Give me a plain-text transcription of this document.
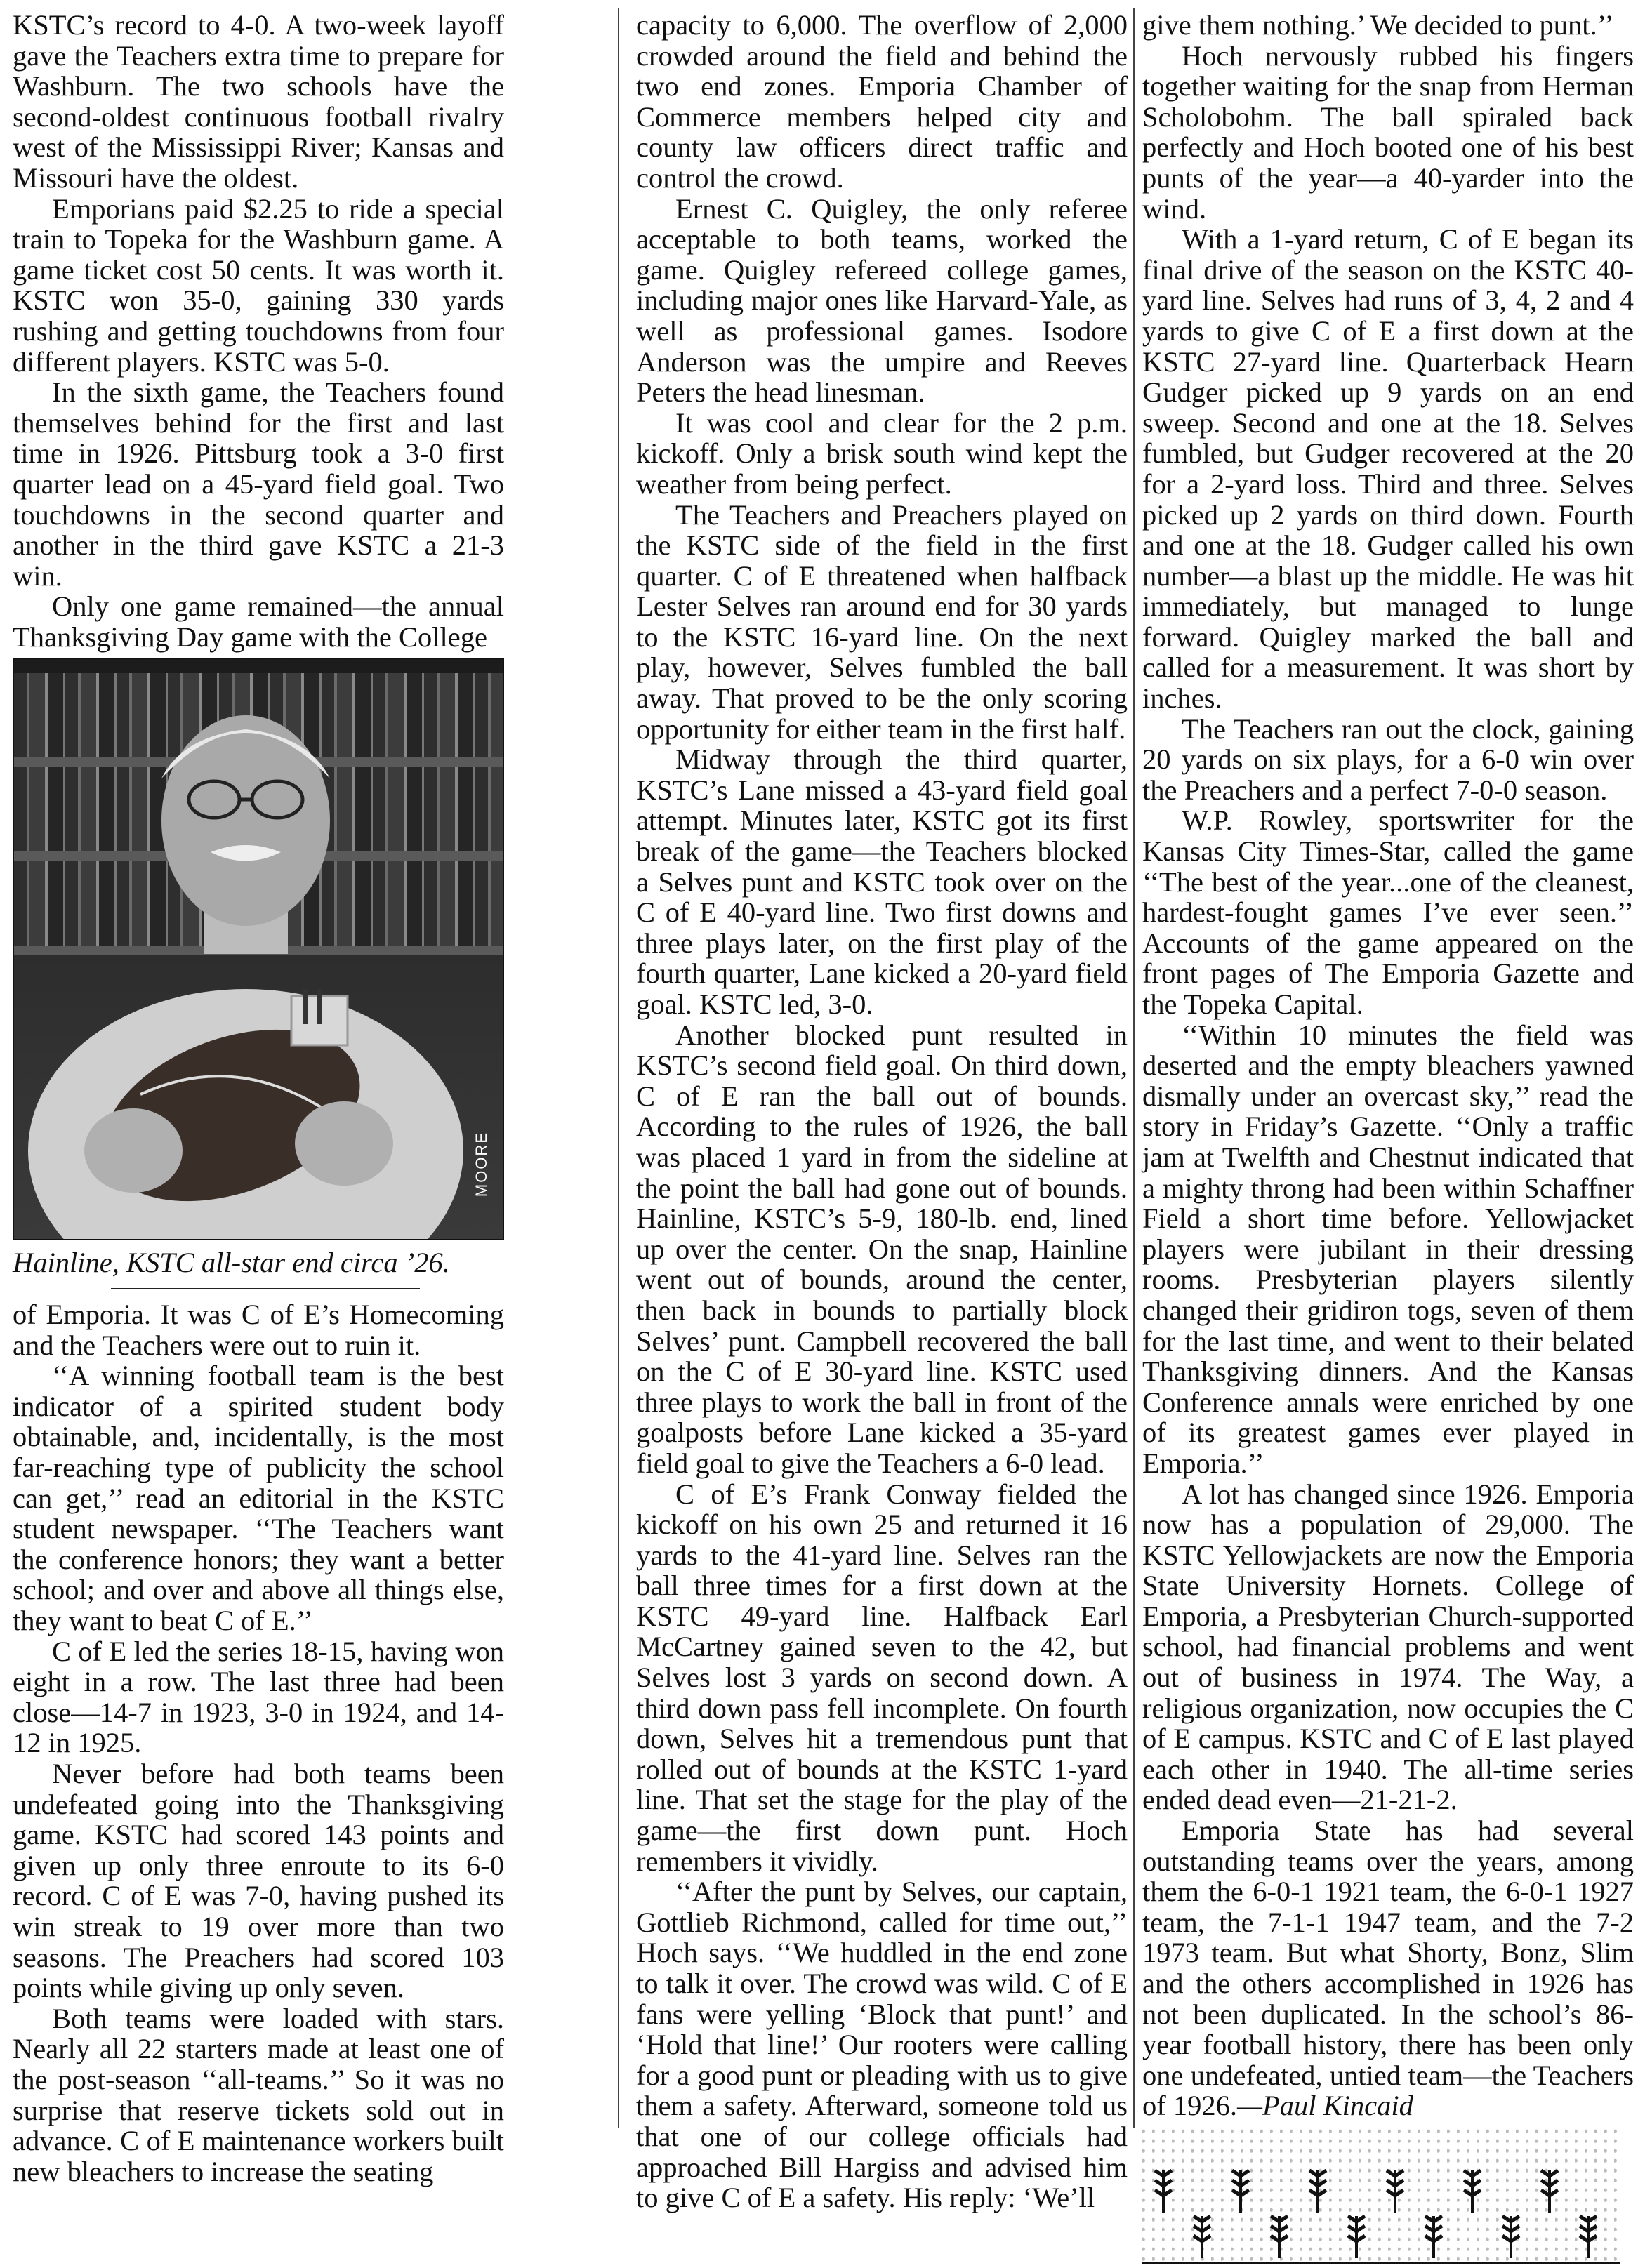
KSTC’s record to 4-0. A two-week layoff gave the Teachers extra time to prepare for Washburn. The two schools have the second-oldest continuous football rivalry west of the Mississippi River; Kansas and Missouri have the oldest.

Emporians paid $2.25 to ride a special train to Topeka for the Washburn game. A game ticket cost 50 cents. It was worth it. KSTC won 35-0, gaining 330 yards rushing and getting touchdowns from four different players. KSTC was 5-0.

In the sixth game, the Teachers found themselves behind for the first and last time in 1926. Pittsburg took a 3-0 first quarter lead on a 45-yard field goal. Two touchdowns in the second quarter and another in the third gave KSTC a 21-3 win.

Only one game remained—the annual Thanksgiving Day game with the College

MOORE

Hainline, KSTC all-star end circa ’26.

of Emporia. It was C of E’s Homecoming and the Teachers were out to ruin it.

‘‘A winning football team is the best indicator of a spirited student body obtainable, and, incidentally, is the most far-reaching type of publicity the school can get,’’ read an editorial in the KSTC student newspaper. ‘‘The Teachers want the conference honors; they want a better school; and over and above all things else, they want to beat C of E.’’

C of E led the series 18-15, having won eight in a row. The last three had been close—14-7 in 1923, 3-0 in 1924, and 14-12 in 1925.

Never before had both teams been undefeated going into the Thanksgiving game. KSTC had scored 143 points and given up only three enroute to its 6-0 record. C of E was 7-0, having pushed its win streak to 19 over more than two seasons. The Preachers had scored 103 points while giving up only seven.

Both teams were loaded with stars. Nearly all 22 starters made at least one of the post-season ‘‘all-teams.’’ So it was no surprise that reserve tickets sold out in advance. C of E maintenance workers built new bleachers to increase the seating

capacity to 6,000. The overflow of 2,000 crowded around the field and behind the two end zones. Emporia Chamber of Commerce members helped city and county law officers direct traffic and control the crowd.

Ernest C. Quigley, the only referee acceptable to both teams, worked the game. Quigley refereed college games, including major ones like Harvard-Yale, as well as professional games. Isodore Anderson was the umpire and Reeves Peters the head linesman.

It was cool and clear for the 2 p.m. kickoff. Only a brisk south wind kept the weather from being perfect.

The Teachers and Preachers played on the KSTC side of the field in the first quarter. C of E threatened when halfback Lester Selves ran around end for 30 yards to the KSTC 16-yard line. On the next play, however, Selves fumbled the ball away. That proved to be the only scoring opportunity for either team in the first half.

Midway through the third quarter, KSTC’s Lane missed a 43-yard field goal attempt. Minutes later, KSTC got its first break of the game—the Teachers blocked a Selves punt and KSTC took over on the C of E 40-yard line. Two first downs and three plays later, on the first play of the fourth quarter, Lane kicked a 20-yard field goal. KSTC led, 3-0.

Another blocked punt resulted in KSTC’s second field goal. On third down, C of E ran the ball out of bounds. According to the rules of 1926, the ball was placed 1 yard in from the sideline at the point the ball had gone out of bounds. Hainline, KSTC’s 5-9, 180-lb. end, lined up over the center. On the snap, Hainline went out of bounds, around the center, then back in bounds to partially block Selves’ punt. Campbell recovered the ball on the C of E 30-yard line. KSTC used three plays to work the ball in front of the goalposts before Lane kicked a 35-yard field goal to give the Teachers a 6-0 lead.

C of E’s Frank Conway fielded the kickoff on his own 25 and returned it 16 yards to the 41-yard line. Selves ran the ball three times for a first down at the KSTC 49-yard line. Halfback Earl McCartney gained seven to the 42, but Selves lost 3 yards on second down. A third down pass fell incomplete. On fourth down, Selves hit a tremendous punt that rolled out of bounds at the KSTC 1-yard line. That set the stage for the play of the game—the first down punt. Hoch remembers it vividly.

‘‘After the punt by Selves, our captain, Gottlieb Richmond, called for time out,’’ Hoch says. ‘‘We huddled in the end zone to talk it over. The crowd was wild. C of E fans were yelling ‘Block that punt!’ and ‘Hold that line!’ Our rooters were calling for a good punt or pleading with us to give them a safety. Afterward, someone told us that one of our college officials had approached Bill Hargiss and advised him to give C of E a safety. His reply: ‘We’ll

give them nothing.’ We decided to punt.’’

Hoch nervously rubbed his fingers together waiting for the snap from Herman Scholobohm. The ball spiraled back perfectly and Hoch booted one of his best punts of the year—a 40-yarder into the wind.

With a 1-yard return, C of E began its final drive of the season on the KSTC 40-yard line. Selves had runs of 3, 4, 2 and 4 yards to give C of E a first down at the KSTC 27-yard line. Quarterback Hearn Gudger picked up 9 yards on an end sweep. Second and one at the 18. Selves fumbled, but Gudger recovered at the 20 for a 2-yard loss. Third and three. Selves picked up 2 yards on third down. Fourth and one at the 18. Gudger called his own number—a blast up the middle. He was hit immediately, but managed to lunge forward. Quigley marked the ball and called for a measurement. It was short by inches.

The Teachers ran out the clock, gaining 20 yards on six plays, for a 6-0 win over the Preachers and a perfect 7-0-0 season.

W.P. Rowley, sportswriter for the Kansas City Times-Star, called the game ‘‘The best of the year...one of the cleanest, hardest-fought games I’ve ever seen.’’ Accounts of the game appeared on the front pages of The Emporia Gazette and the Topeka Capital.

‘‘Within 10 minutes the field was deserted and the empty bleachers yawned dismally under an overcast sky,’’ read the story in Friday’s Gazette. ‘‘Only a traffic jam at Twelfth and Chestnut indicated that a mighty throng had been within Schaffner Field a short time before. Yellowjacket players were jubilant in their dressing rooms. Presbyterian players silently changed their gridiron togs, seven of them for the last time, and went to their belated Thanksgiving dinners. And the Kansas Conference annals were enriched by one of its greatest games ever played in Emporia.’’

A lot has changed since 1926. Emporia now has a population of 29,000. The KSTC Yellowjackets are now the Emporia State University Hornets. College of Emporia, a Presbyterian Church-supported school, had financial problems and went out of business in 1974. The Way, a religious organization, now occupies the C of E campus. KSTC and C of E last played each other in 1940. The all-time series ended dead even—21-21-2.

Emporia State has had several outstanding teams over the years, among them the 6-0-1 1921 team, the 6-0-1 1927 team, the 7-1-1 1947 team, and the 7-2 1973 team. But what Shorty, Bonz, Slim and the others accomplished in 1926 has not been duplicated. In the school’s 86-year football history, there has been only one undefeated, untied team—the Teachers of 1926.—Paul Kincaid
